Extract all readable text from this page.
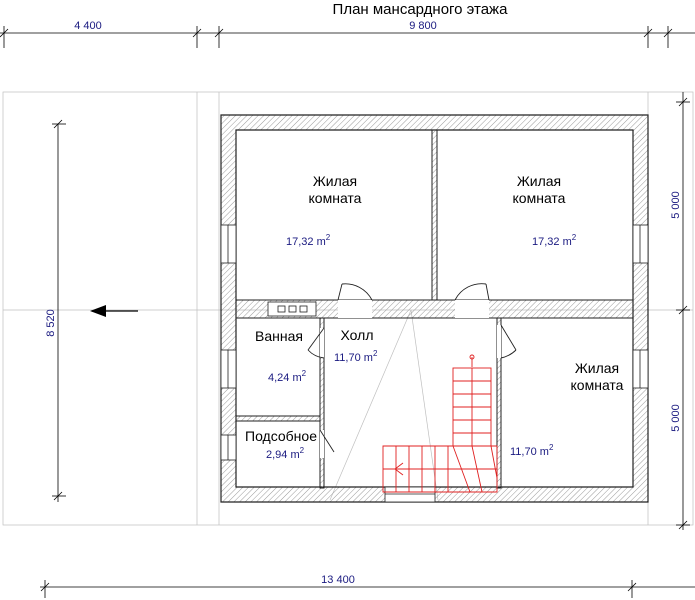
План мансардного этажа
4 400	9 800
8 520
5 000
5 000
13 400
Жилая
комната
17,32 $m^2$
Жилая
комната
17,32 $m^2$
Жилая
комната
11,70 $m^2$
Холл
11,70 $m^2$
Ванная
4,24 $m^2$
Подсобное
2,94 $m^2$
